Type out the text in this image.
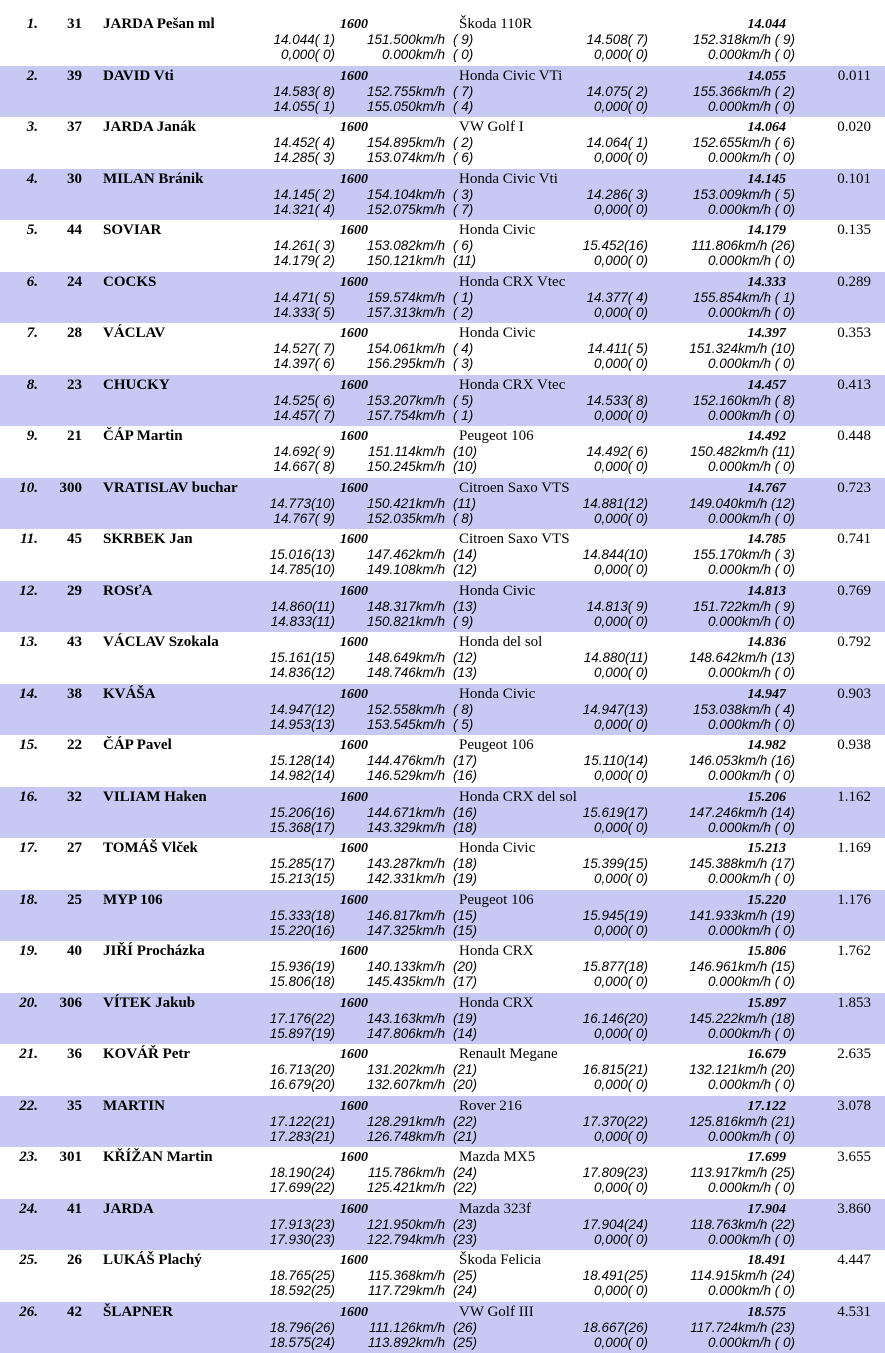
1.	31 JARDA Pešan ml	1600	Škoda 110R	14.044
14.044( 1) 151.500km/h ( 9)	14.508( 7)	152.318km/h ( 9)
0,000( 0)	0.000km/h ( 0)	0,000( 0)	0.000km/h ( 0)
2.	39 DAVID Vti	1600	Honda Civic VTi	14.055	0.011
14.583( 8) 152.755km/h ( 7)	14.075( 2)	155.366km/h ( 2)
14.055( 1) 155.050km/h ( 4)	0,000( 0)	0.000km/h ( 0)
3.	37 JARDA Janák	1600	VW Golf I	14.064	0.020
14.452( 4) 154.895km/h ( 2)	14.064( 1)	152.655km/h ( 6)
14.285( 3) 153.074km/h ( 6)	0,000( 0)	0.000km/h ( 0)
4.	30 MILAN Bránik	1600	Honda Civic Vti	14.145	0.101
14.145( 2) 154.104km/h ( 3)	14.286( 3)	153.009km/h ( 5)
14.321( 4) 152.075km/h ( 7)	0,000( 0)	0.000km/h ( 0)
5.	44 SOVIAR	1600	Honda Civic	14.179	0.135
14.261( 3) 153.082km/h ( 6)	15.452(16)	111.806km/h (26)
14.179( 2) 150.121km/h (11)	0,000( 0)	0.000km/h ( 0)
6.	24 COCKS	1600	Honda CRX Vtec	14.333	0.289
14.471( 5) 159.574km/h ( 1)	14.377( 4)	155.854km/h ( 1)
14.333( 5) 157.313km/h ( 2)	0,000( 0)	0.000km/h ( 0)
7.	28 VÁCLAV	1600	Honda Civic	14.397	0.353
14.527( 7) 154.061km/h ( 4)	14.411( 5)	151.324km/h (10)
14.397( 6) 156.295km/h ( 3)	0,000( 0)	0.000km/h ( 0)
8.	23 CHUCKY	1600	Honda CRX Vtec	14.457	0.413
14.525( 6) 153.207km/h ( 5)	14.533( 8)	152.160km/h ( 8)
14.457( 7) 157.754km/h ( 1)	0,000( 0)	0.000km/h ( 0)
9.	21 ČÁP Martin	1600	Peugeot 106	14.492	0.448
14.692( 9) 151.114km/h (10)	14.492( 6)	150.482km/h (11)
14.667( 8) 150.245km/h (10)	0,000( 0)	0.000km/h ( 0)
10.	300 VRATISLAV buchar	1600	Citroen Saxo VTS	14.767	0.723
14.773(10) 150.421km/h (11)	14.881(12)	149.040km/h (12)
14.767( 9) 152.035km/h ( 8)	0,000( 0)	0.000km/h ( 0)
11.	45 SKRBEK Jan	1600	Citroen Saxo VTS	14.785	0.741
15.016(13) 147.462km/h (14)	14.844(10)	155.170km/h ( 3)
14.785(10) 149.108km/h (12)	0,000( 0)	0.000km/h ( 0)
12.	29 ROSťA	1600	Honda Civic	14.813	0.769
14.860(11) 148.317km/h (13)	14.813( 9)	151.722km/h ( 9)
14.833(11) 150.821km/h ( 9)	0,000( 0)	0.000km/h ( 0)
13.	43 VÁCLAV Szokala	1600	Honda del sol	14.836	0.792
15.161(15) 148.649km/h (12)	14.880(11)	148.642km/h (13)
14.836(12) 148.746km/h (13)	0,000( 0)	0.000km/h ( 0)
14.	38 KVÁŠA	1600	Honda Civic	14.947	0.903
14.947(12) 152.558km/h ( 8)	14.947(13)	153.038km/h ( 4)
14.953(13) 153.545km/h ( 5)	0,000( 0)	0.000km/h ( 0)
15.	22 ČÁP Pavel	1600	Peugeot 106	14.982	0.938
15.128(14) 144.476km/h (17)	15.110(14)	146.053km/h (16)
14.982(14) 146.529km/h (16)	0,000( 0)	0.000km/h ( 0)
16.	32 VILIAM Haken	1600	Honda CRX del sol	15.206	1.162
15.206(16) 144.671km/h (16)	15.619(17)	147.246km/h (14)
15.368(17) 143.329km/h (18)	0,000( 0)	0.000km/h ( 0)
17.	27 TOMÁŠ Vlček	1600	Honda Civic	15.213	1.169
15.285(17) 143.287km/h (18)	15.399(15)	145.388km/h (17)
15.213(15) 142.331km/h (19)	0,000( 0)	0.000km/h ( 0)
18.	25 MYP 106	1600	Peugeot 106	15.220	1.176
15.333(18) 146.817km/h (15)	15.945(19)	141.933km/h (19)
15.220(16) 147.325km/h (15)	0,000( 0)	0.000km/h ( 0)
19.	40 JIŘÍ Procházka	1600	Honda CRX	15.806	1.762
15.936(19) 140.133km/h (20)	15.877(18)	146.961km/h (15)
15.806(18) 145.435km/h (17)	0,000( 0)	0.000km/h ( 0)
20.	306 VÍTEK Jakub	1600	Honda CRX	15.897	1.853
17.176(22) 143.163km/h (19)	16.146(20)	145.222km/h (18)
15.897(19) 147.806km/h (14)	0,000( 0)	0.000km/h ( 0)
21.	36 KOVÁŘ Petr	1600	Renault Megane	16.679	2.635
16.713(20) 131.202km/h (21)	16.815(21)	132.121km/h (20)
16.679(20) 132.607km/h (20)	0,000( 0)	0.000km/h ( 0)
22.	35 MARTIN	1600	Rover 216	17.122	3.078
17.122(21) 128.291km/h (22)	17.370(22)	125.816km/h (21)
17.283(21) 126.748km/h (21)	0,000( 0)	0.000km/h ( 0)
23.	301 KŘÍŽAN Martin	1600	Mazda MX5	17.699	3.655
18.190(24) 115.786km/h (24)	17.809(23)	113.917km/h (25)
17.699(22) 125.421km/h (22)	0,000( 0)	0.000km/h ( 0)
24.	41 JARDA	1600	Mazda 323f	17.904	3.860
17.913(23) 121.950km/h (23)	17.904(24)	118.763km/h (22)
17.930(23) 122.794km/h (23)	0,000( 0)	0.000km/h ( 0)
25.	26 LUKÁŠ Plachý	1600	Škoda Felicia	18.491	4.447
18.765(25) 115.368km/h (25)	18.491(25)	114.915km/h (24)
18.592(25) 117.729km/h (24)	0,000( 0)	0.000km/h ( 0)
26.	42 ŠLAPNER	1600	VW Golf III	18.575	4.531
18.796(26)	111.126km/h (26)	18.667(26)	117.724km/h (23)
18.575(24) 113.892km/h (25)	0,000( 0)	0.000km/h ( 0)
